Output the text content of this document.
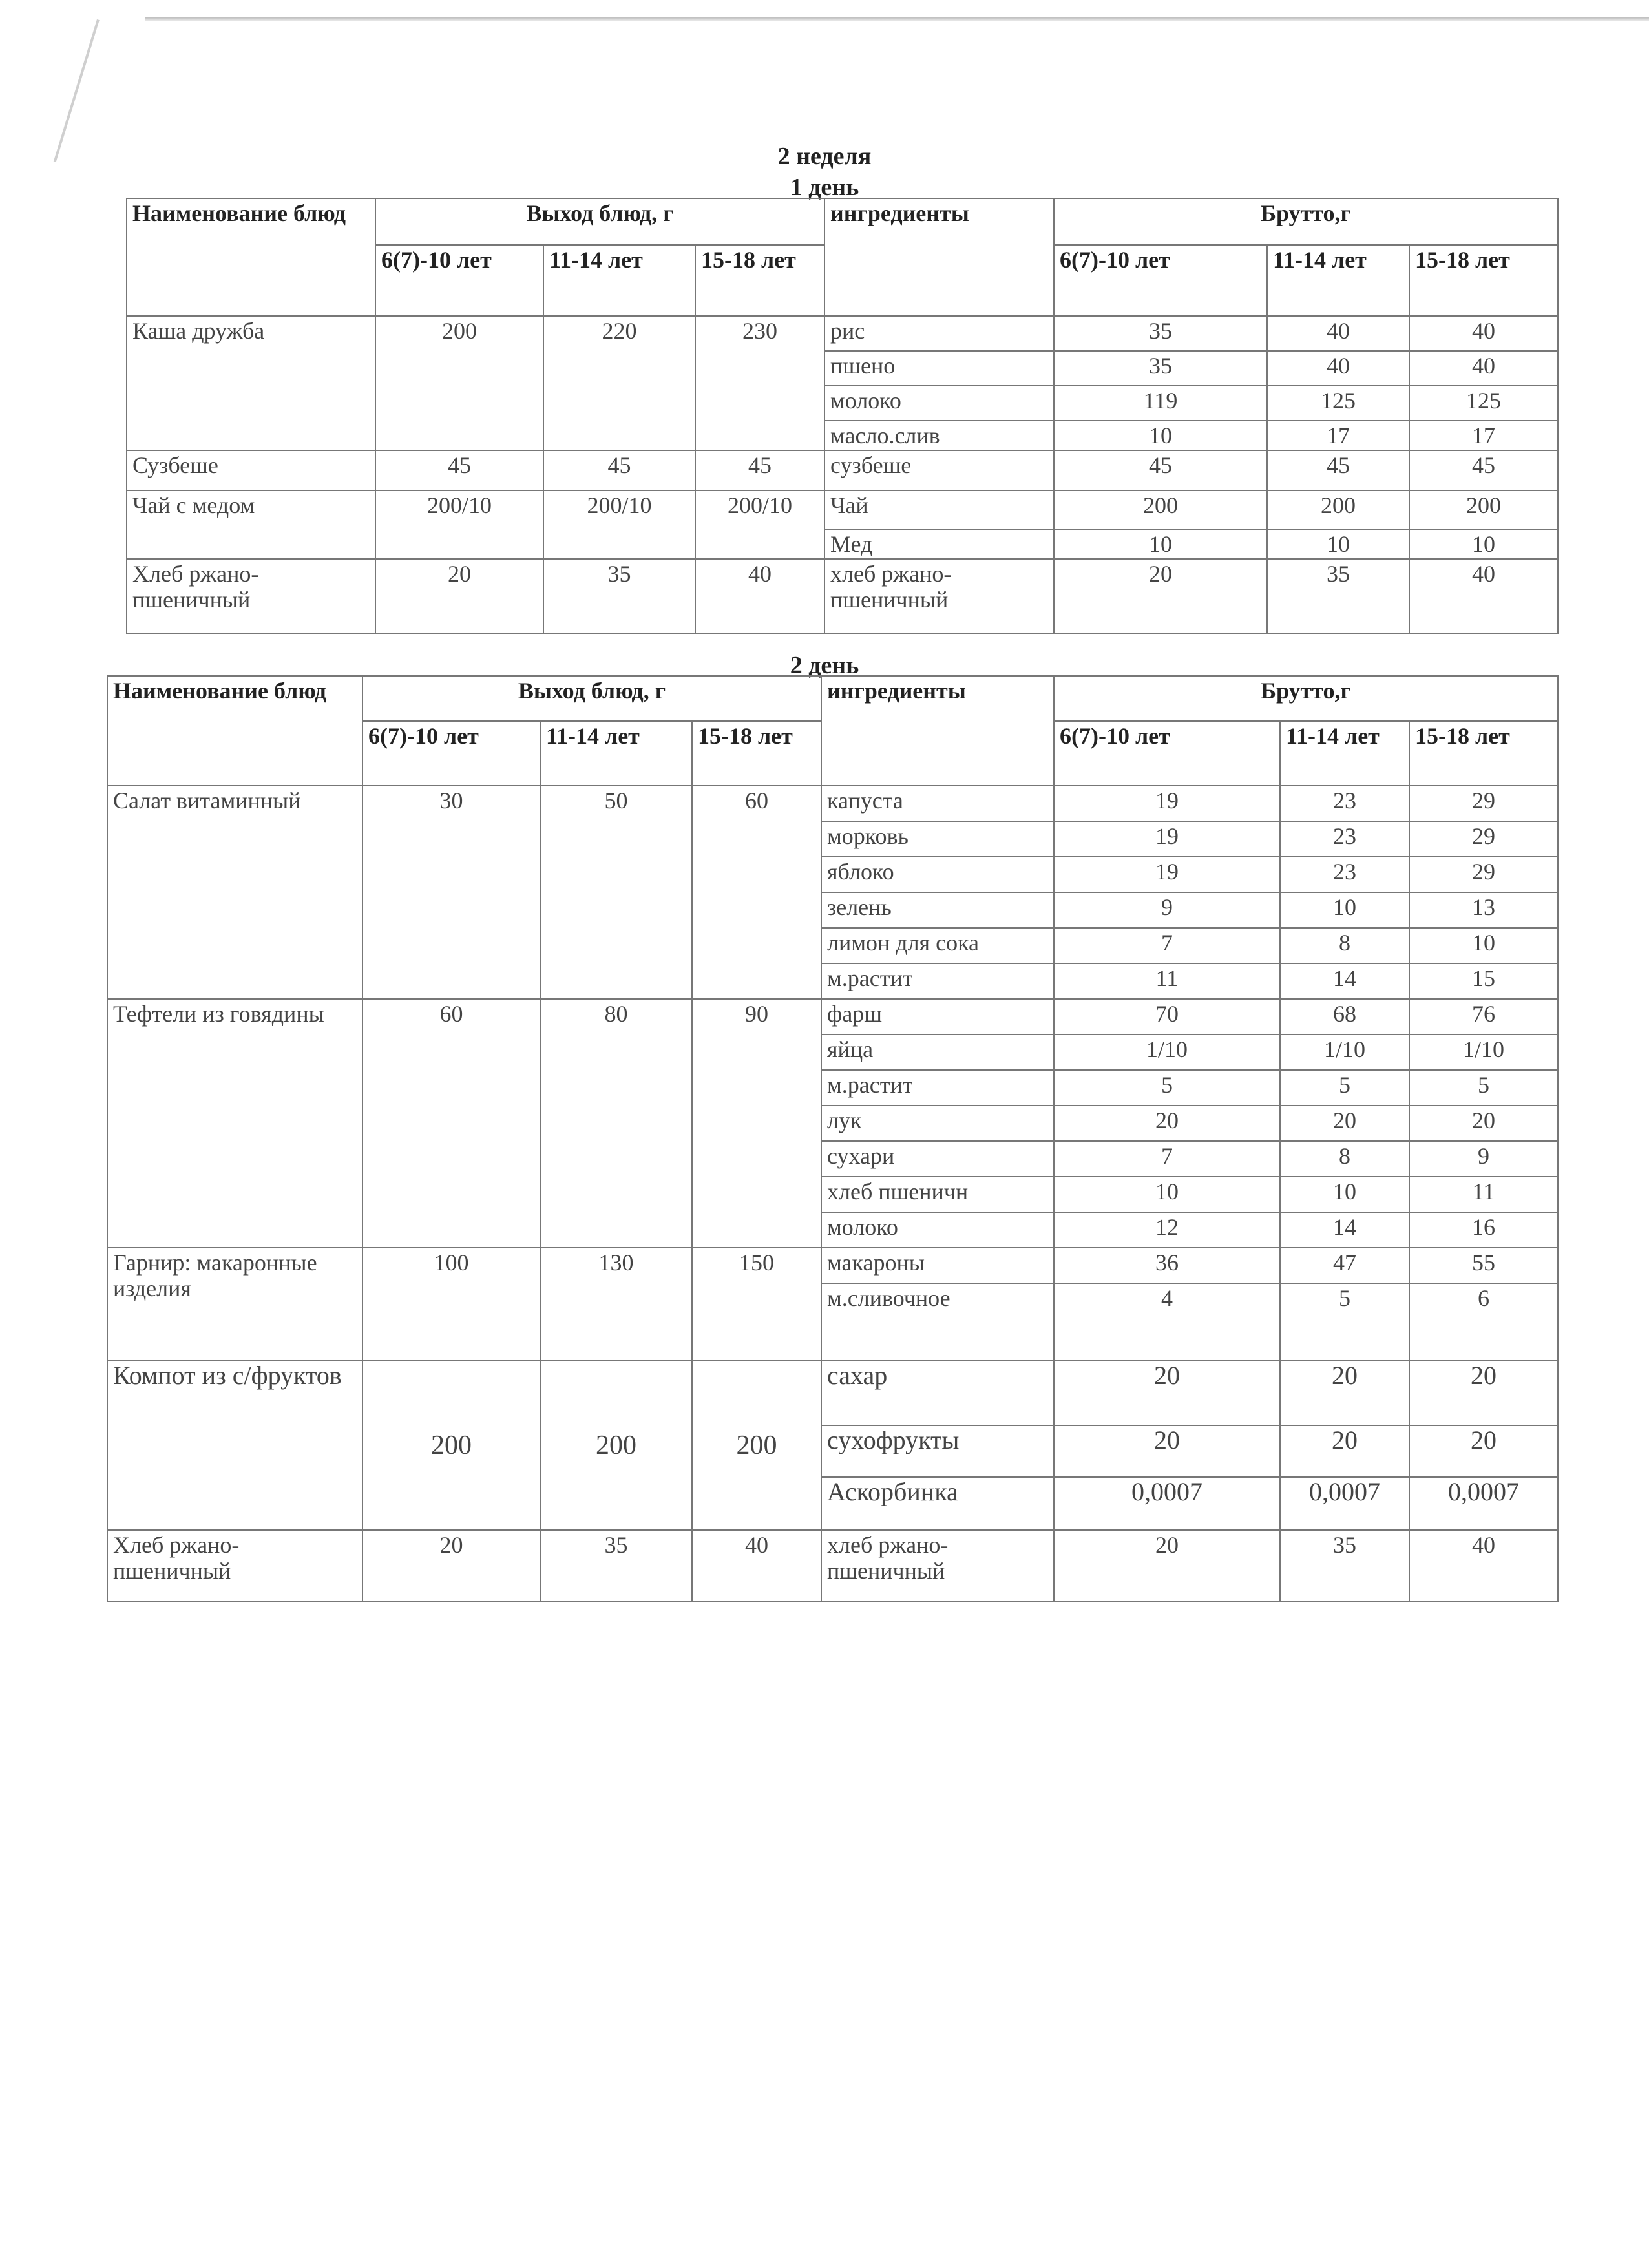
2 неделя
1 день
Наименование блюд	Выход блюд, г			ингредиенты	Брутто,г		
	6(7)-10 лет	11-14 лет	15-18 лет		6(7)-10 лет	11-14 лет	15-18 лет
Каша дружба	200	220	230	рис	35	40	40
				пшено	35	40	40
				молоко	119	125	125
				масло.слив	10	17	17
Сузбеше	45	45	45	сузбеше	45	45	45
Чай с медом	200/10	200/10	200/10	Чай	200	200	200
				Мед	10	10	10
Хлеб ржано-пшеничный	20	35	40	хлеб ржано-пшеничный	20	35	40
2 день
Наименование блюд	Выход блюд, г			ингредиенты	Брутто,г		
	6(7)-10 лет	11-14 лет	15-18 лет		6(7)-10 лет	11-14 лет	15-18 лет
Салат витаминный	30	50	60	капуста	19	23	29
				морковь	19	23	29
				яблоко	19	23	29
				зелень	9	10	13
				лимон для сока	7	8	10
				м.растит	11	14	15
Тефтели из говядины	60	80	90	фарш	70	68	76
				яйца	1/10	1/10	1/10
				м.растит	5	5	5
				лук	20	20	20
				сухари	7	8	9
				хлеб пшеничн	10	10	11
				молоко	12	14	16
Гарнир: макаронные изделия	100	130	150	макароны	36	47	55
				м.сливочное	4	5	6
Компот из с/фруктов	200	200	200	сахар	20	20	20
				сухофрукты	20	20	20
				Аскорбинка	0,0007	0,0007	0,0007
Хлеб ржано-пшеничный	20	35	40	хлеб ржано-пшеничный	20	35	40
